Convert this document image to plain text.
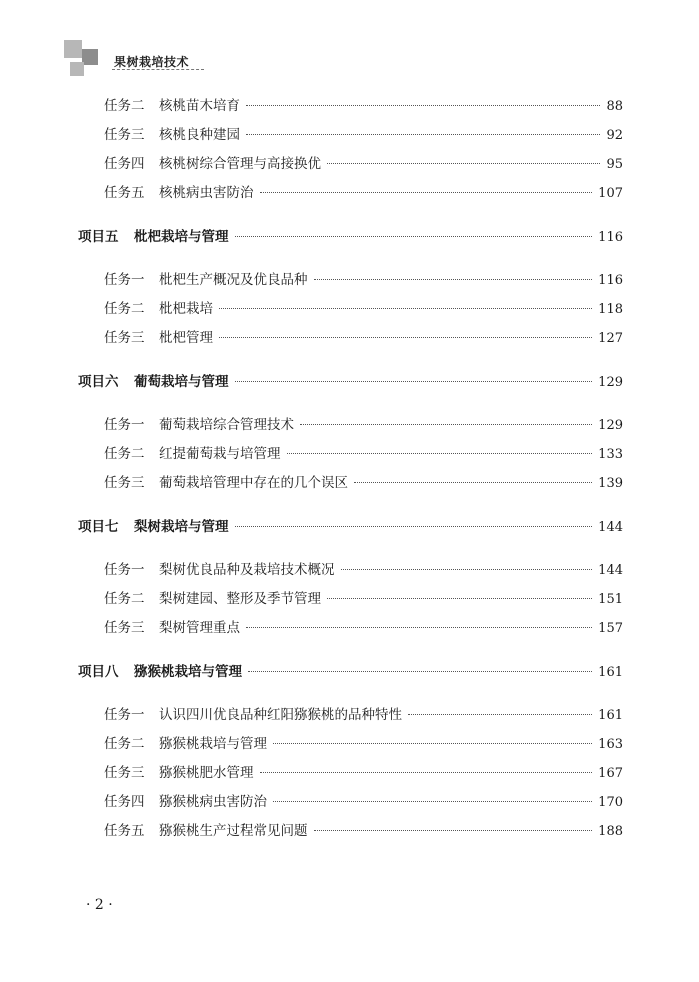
果树栽培技术
任务二	核桃苗木培育	88
任务三	核桃良种建园	92
任务四	核桃树综合管理与高接换优	95
任务五	核桃病虫害防治	107
项目五	枇杷栽培与管理	116
任务一	枇杷生产概况及优良品种	116
任务二	枇杷栽培	118
任务三	枇杷管理	127
项目六	葡萄栽培与管理	129
任务一	葡萄栽培综合管理技术	129
任务二	红提葡萄栽与培管理	133
任务三	葡萄栽培管理中存在的几个误区	139
项目七	梨树栽培与管理	144
任务一	梨树优良品种及栽培技术概况	144
任务二	梨树建园、整形及季节管理	151
任务三	梨树管理重点	157
项目八	猕猴桃栽培与管理	161
任务一	认识四川优良品种红阳猕猴桃的品种特性	161
任务二	猕猴桃栽培与管理	163
任务三	猕猴桃肥水管理	167
任务四	猕猴桃病虫害防治	170
任务五	猕猴桃生产过程常见问题	188
· 2 ·
